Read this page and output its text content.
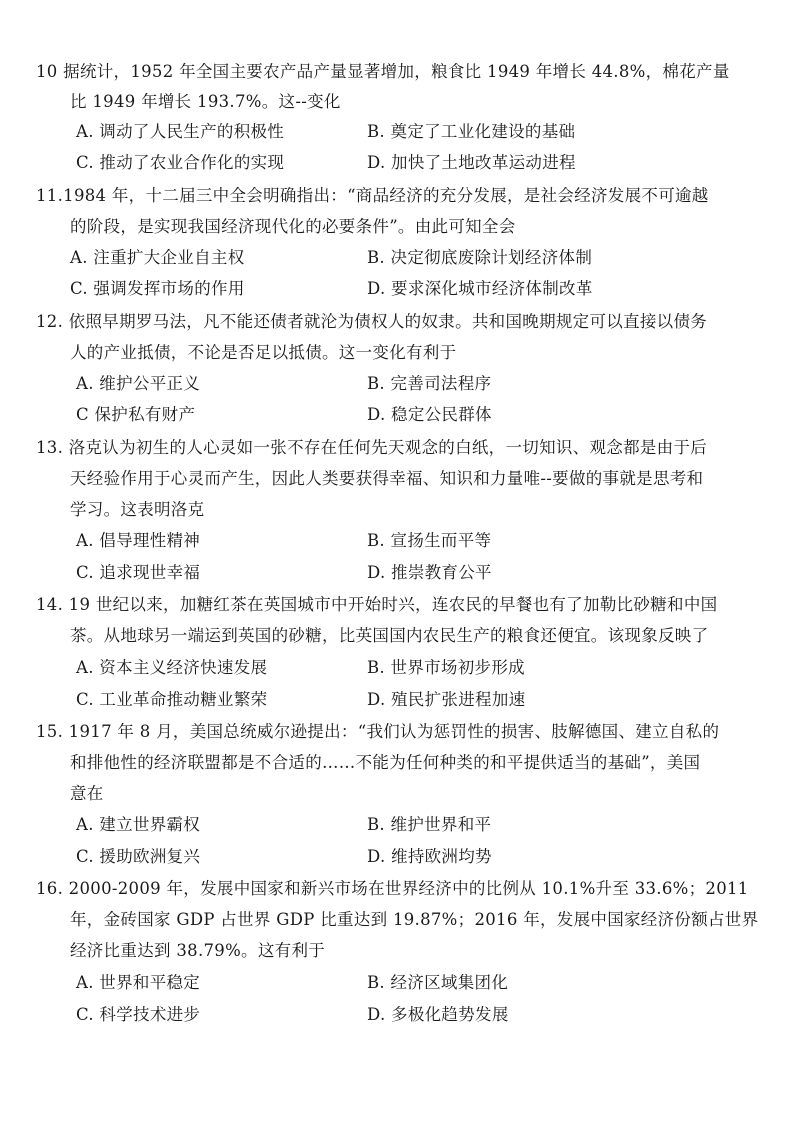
10 据统计，1952 年全国主要农产品产量显著增加，粮食比 1949 年增长 44.8%，棉花产量
比 1949 年增长 193.7%。这--变化
A. 调动了人民生产的积极性	B. 奠定了工业化建设的基础
C. 推动了农业合作化的实现	D. 加快了土地改革运动进程
11.1984 年，十二届三中全会明确指出：“商品经济的充分发展，是社会经济发展不可逾越
的阶段，是实现我国经济现代化的必要条件”。由此可知全会
A. 注重扩大企业自主权	B. 决定彻底废除计划经济体制
C. 强调发挥市场的作用	D. 要求深化城市经济体制改革
12. 依照早期罗马法，凡不能还债者就沦为债权人的奴隶。共和国晚期规定可以直接以债务
人的产业抵债，不论是否足以抵债。这一变化有利于
A. 维护公平正义	B. 完善司法程序
C 保护私有财产	D. 稳定公民群体
13. 洛克认为初生的人心灵如一张不存在任何先天观念的白纸，一切知识、观念都是由于后
天经验作用于心灵而产生，因此人类要获得幸福、知识和力量唯--要做的事就是思考和
学习。这表明洛克
A. 倡导理性精神	B. 宣扬生而平等
C. 追求现世幸福	D. 推崇教育公平
14. 19 世纪以来，加糖红茶在英国城市中开始时兴，连农民的早餐也有了加勒比砂糖和中国
茶。从地球另一端运到英国的砂糖，比英国国内农民生产的粮食还便宜。该现象反映了
A. 资本主义经济快速发展	B. 世界市场初步形成
C. 工业革命推动糖业繁荣	D. 殖民扩张进程加速
15. 1917 年 8 月，美国总统威尔逊提出：“我们认为惩罚性的损害、肢解德国、建立自私的
和排他性的经济联盟都是不合适的……不能为任何种类的和平提供适当的基础”，美国
意在
A. 建立世界霸权	B. 维护世界和平
C. 援助欧洲复兴	D. 维持欧洲均势
16. 2000-2009 年，发展中国家和新兴市场在世界经济中的比例从 10.1%升至 33.6%；2011
年，金砖国家 GDP 占世界 GDP 比重达到 19.87%；2016 年，发展中国家经济份额占世界
经济比重达到 38.79%。这有利于
A. 世界和平稳定	B. 经济区域集团化
C. 科学技术进步	D. 多极化趋势发展
